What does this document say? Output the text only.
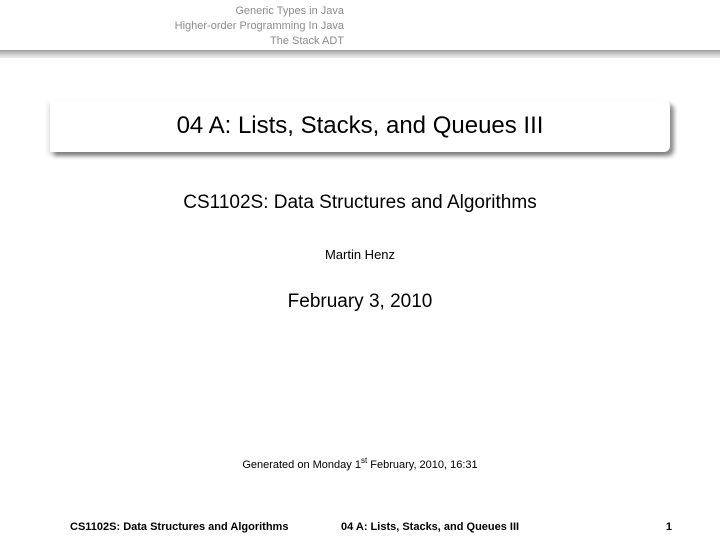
Generic Types in Java
Higher-order Programming In Java
The Stack ADT
04 A: Lists, Stacks, and Queues III
CS1102S: Data Structures and Algorithms
Martin Henz
February 3, 2010
Generated on Monday 1st February, 2010, 16:31
CS1102S: Data Structures and Algorithms	04 A: Lists, Stacks, and Queues III	1
